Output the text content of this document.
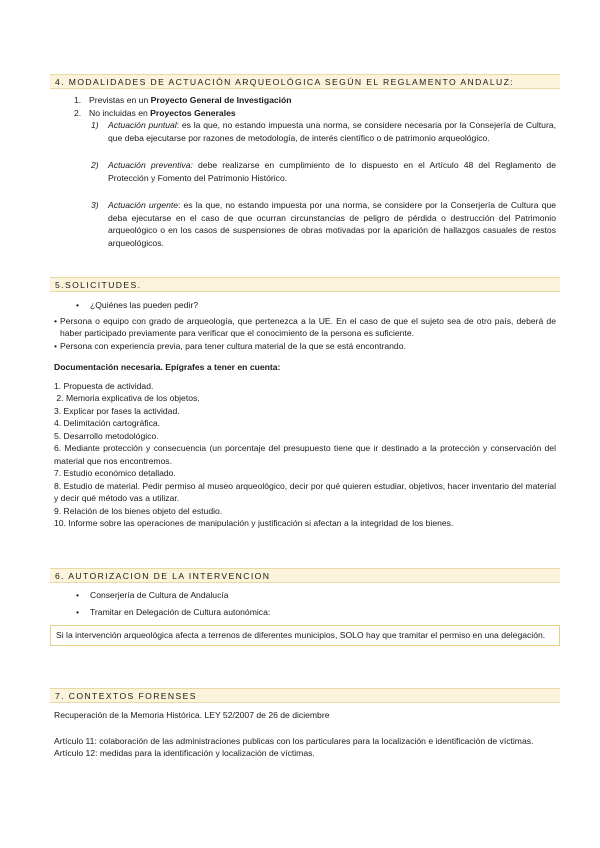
4. MODALIDADES DE ACTUACIÓN ARQUEOLÓGICA SEGÚN EL REGLAMENTO ANDALUZ:
1. Previstas en un Proyecto General de Investigación
2. No incluidas en Proyectos Generales
1) Actuación puntual: es la que, no estando impuesta una norma, se considere necesaria por la Consejería de Cultura, que deba ejecutarse por razones de metodología, de interés científico o de patrimonio arqueológico.
2) Actuación preventiva: debe realizarse en cumplimiento de lo dispuesto en el Artículo 48 del Reglamento de Protección y Fomento del Patrimonio Histórico.
3) Actuación urgente: es la que, no estando impuesta por una norma, se considere por la Conserjería de Cultura que deba ejecutarse en el caso de que ocurran circunstancias de peligro de pérdida o destrucción del Patrimonio arqueológico o en los casos de suspensiones de obras motivadas por la aparición de hallazgos casuales de restos arqueológicos.
5.SOLICITUDES.
• ¿Quiénes las pueden pedir?
• Persona o equipo con grado de arqueología, que pertenezca a la UE. En el caso de que el sujeto sea de otro país, deberá de haber participado previamente para verificar que el conocimiento de la persona es suficiente.
• Persona con experiencia previa, para tener cultura material de la que se está encontrando.
Documentación necesaria. Epígrafes a tener en cuenta:
1. Propuesta de actividad.
2. Memoria explicativa de los objetos.
3. Explicar por fases la actividad.
4. Delimitación cartográfica.
5. Desarrollo metodológico.
6. Mediante protección y consecuencia (un porcentaje del presupuesto tiene que ir destinado a la protección y conservación del material que nos encontremos.
7. Estudio económico detallado.
8. Estudio de material. Pedir permiso al museo arqueológico, decir por qué quieren estudiar, objetivos, hacer inventario del material y decir qué método vas a utilizar.
9. Relación de los bienes objeto del estudio.
10. Informe sobre las operaciones de manipulación y justificación si afectan a la integridad de los bienes.
6. AUTORIZACION DE LA INTERVENCION
• Conserjería de Cultura de Andalucía
• Tramitar en Delegación de Cultura autonómica:
Si la intervención arqueológica afecta a terrenos de diferentes municipios, SOLO hay que tramitar el permiso en una delegación.
7. CONTEXTOS FORENSES
Recuperación de la Memoria Histórica. LEY 52/2007 de 26 de diciembre
Artículo 11: colaboración de las administraciones publicas con los particulares para la localización e identificación de víctimas.
Artículo 12: medidas para la identificación y localización de víctimas.
